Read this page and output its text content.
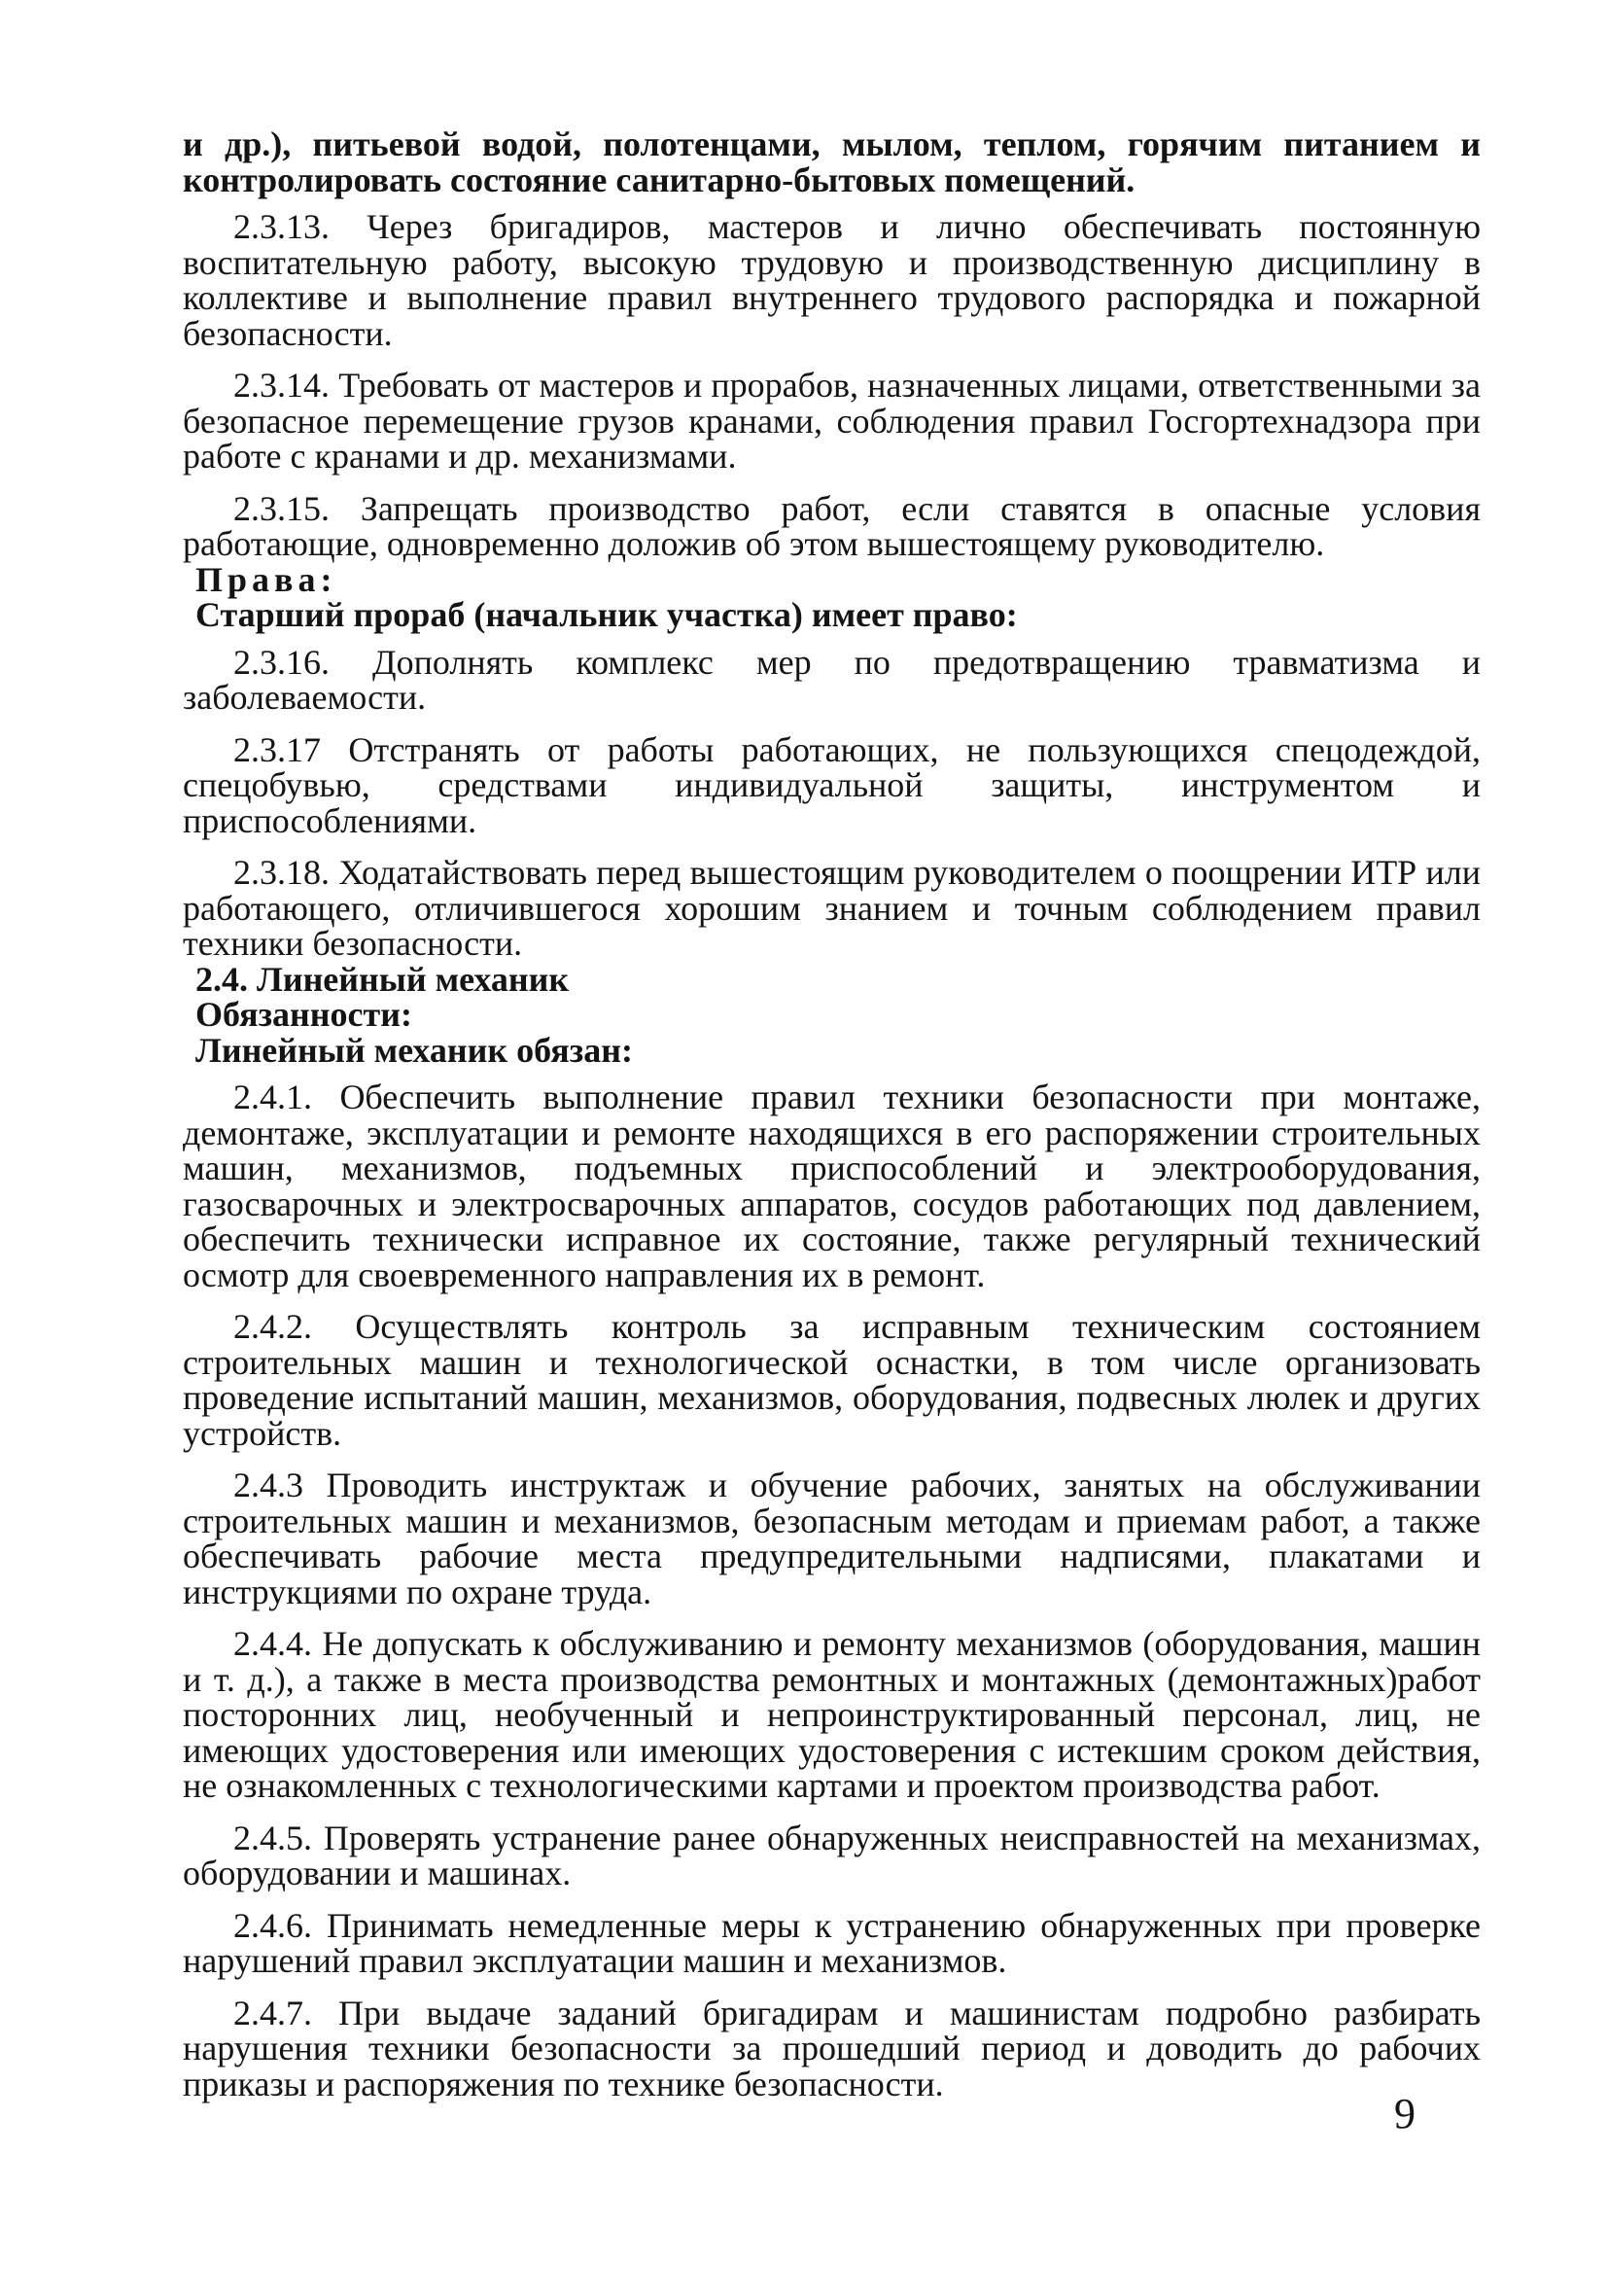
и др.), питьевой водой, полотенцами, мылом, теплом, горячим питанием и контролировать состояние санитарно-бытовых помещений.

2.3.13. Через бригадиров, мастеров и лично обеспечивать постоянную воспитательную работу, высокую трудовую и производственную дисциплину в коллективе и выполнение правил внутреннего трудового распорядка и пожарной безопасности.

2.3.14. Требовать от мастеров и прорабов, назначенных лицами, ответственными за безопасное перемещение грузов кранами, соблюдения правил Госгортехнадзора при работе с кранами и др. механизмами.

2.3.15. Запрещать производство работ, если ставятся в опасные условия работающие, одновременно доложив об этом вышестоящему руководителю.

Права:

Старший прораб (начальник участка) имеет право:

2.3.16. Дополнять комплекс мер по предотвращению травматизма и заболеваемости.

2.3.17 Отстранять от работы работающих, не пользующихся спецодеждой, спецобувью, средствами индивидуальной защиты, инструментом и приспособлениями.

2.3.18. Ходатайствовать перед вышестоящим руководителем о поощрении ИТР или работающего, отличившегося хорошим знанием и точным соблюдением правил техники безопасности.

2.4. Линейный механик

Обязанности:

Линейный механик обязан:

2.4.1. Обеспечить выполнение правил техники безопасности при монтаже, демонтаже, эксплуатации и ремонте находящихся в его распоряжении строительных машин, механизмов, подъемных приспособлений и электрооборудования, газосварочных и электросварочных аппаратов, сосудов работающих под давлением, обеспечить технически исправное их состояние, также регулярный технический осмотр для своевременного направления их в ремонт.

2.4.2. Осуществлять контроль за исправным техническим состоянием строительных машин и технологической оснастки, в том числе организовать проведение испытаний машин, механизмов, оборудования, подвесных люлек и других устройств.

2.4.3 Проводить инструктаж и обучение рабочих, занятых на обслуживании строительных машин и механизмов, безопасным методам и приемам работ, а также обеспечивать рабочие места предупредительными надписями, плакатами и инструкциями по охране труда.

2.4.4. Не допускать к обслуживанию и ремонту механизмов (оборудования, машин и т. д.), а также в места производства ремонтных и монтажных (демонтажных)работ посторонних лиц, необученный и непроинструктированный персонал, лиц, не имеющих удостоверения или имеющих удостоверения с истекшим сроком действия, не ознакомленных с технологическими картами и проектом производства работ.

2.4.5. Проверять устранение ранее обнаруженных неисправностей на механизмах, оборудовании и машинах.

2.4.6. Принимать немедленные меры к устранению обнаруженных при проверке нарушений правил эксплуатации машин и механизмов.

2.4.7. При выдаче заданий бригадирам и машинистам подробно разбирать нарушения техники безопасности за прошедший период и доводить до рабочих приказы и распоряжения по технике безопасности.

9
